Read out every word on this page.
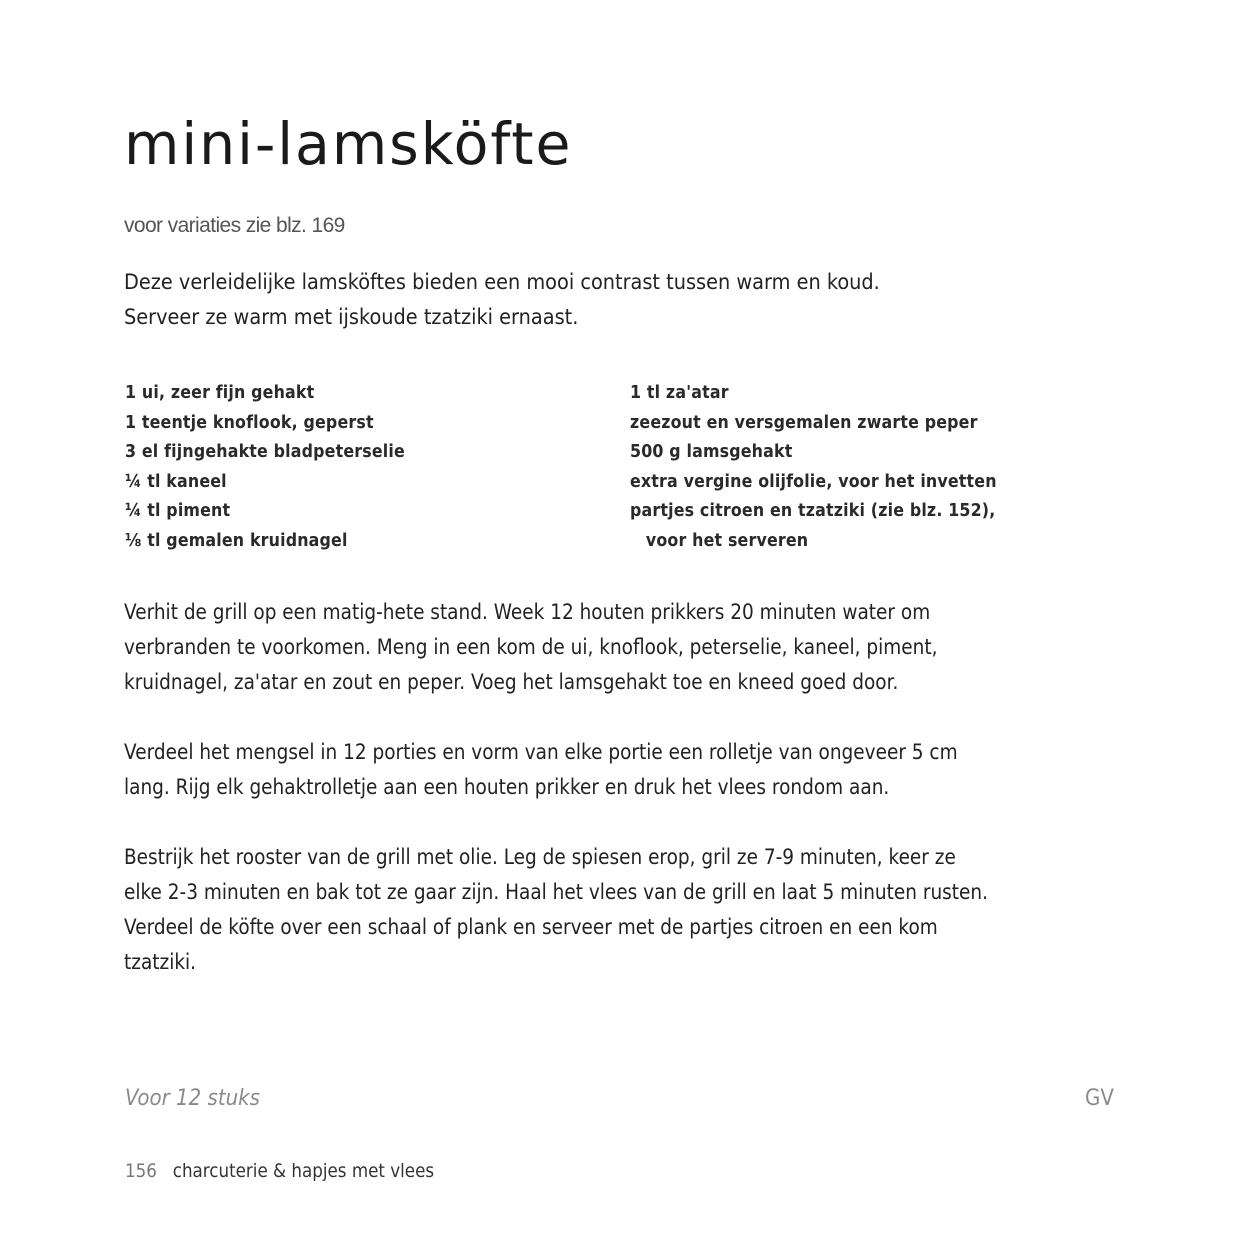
mini-lamsköfte
voor variaties zie blz. 169
Deze verleidelijke lamsköftes bieden een mooi contrast tussen warm en koud.
Serveer ze warm met ijskoude tzatziki ernaast.
1 ui, zeer fijn gehakt
1 teentje knoflook, geperst
3 el fijngehakte bladpeterselie
¼ tl kaneel
¼ tl piment
⅛ tl gemalen kruidnagel
1 tl za'atar
zeezout en versgemalen zwarte peper
500 g lamsgehakt
extra vergine olijfolie, voor het invetten
partjes citroen en tzatziki (zie blz. 152),
voor het serveren
Verhit de grill op een matig-hete stand. Week 12 houten prikkers 20 minuten water om
verbranden te voorkomen. Meng in een kom de ui, knoflook, peterselie, kaneel, piment,
kruidnagel, za'atar en zout en peper. Voeg het lamsgehakt toe en kneed goed door.
Verdeel het mengsel in 12 porties en vorm van elke portie een rolletje van ongeveer 5 cm
lang. Rijg elk gehaktrolletje aan een houten prikker en druk het vlees rondom aan.
Bestrijk het rooster van de grill met olie. Leg de spiesen erop, gril ze 7-9 minuten, keer ze
elke 2-3 minuten en bak tot ze gaar zijn. Haal het vlees van de grill en laat 5 minuten rusten.
Verdeel de köfte over een schaal of plank en serveer met de partjes citroen en een kom
tzatziki.
Voor 12 stuks	GV
156 charcuterie & hapjes met vlees
